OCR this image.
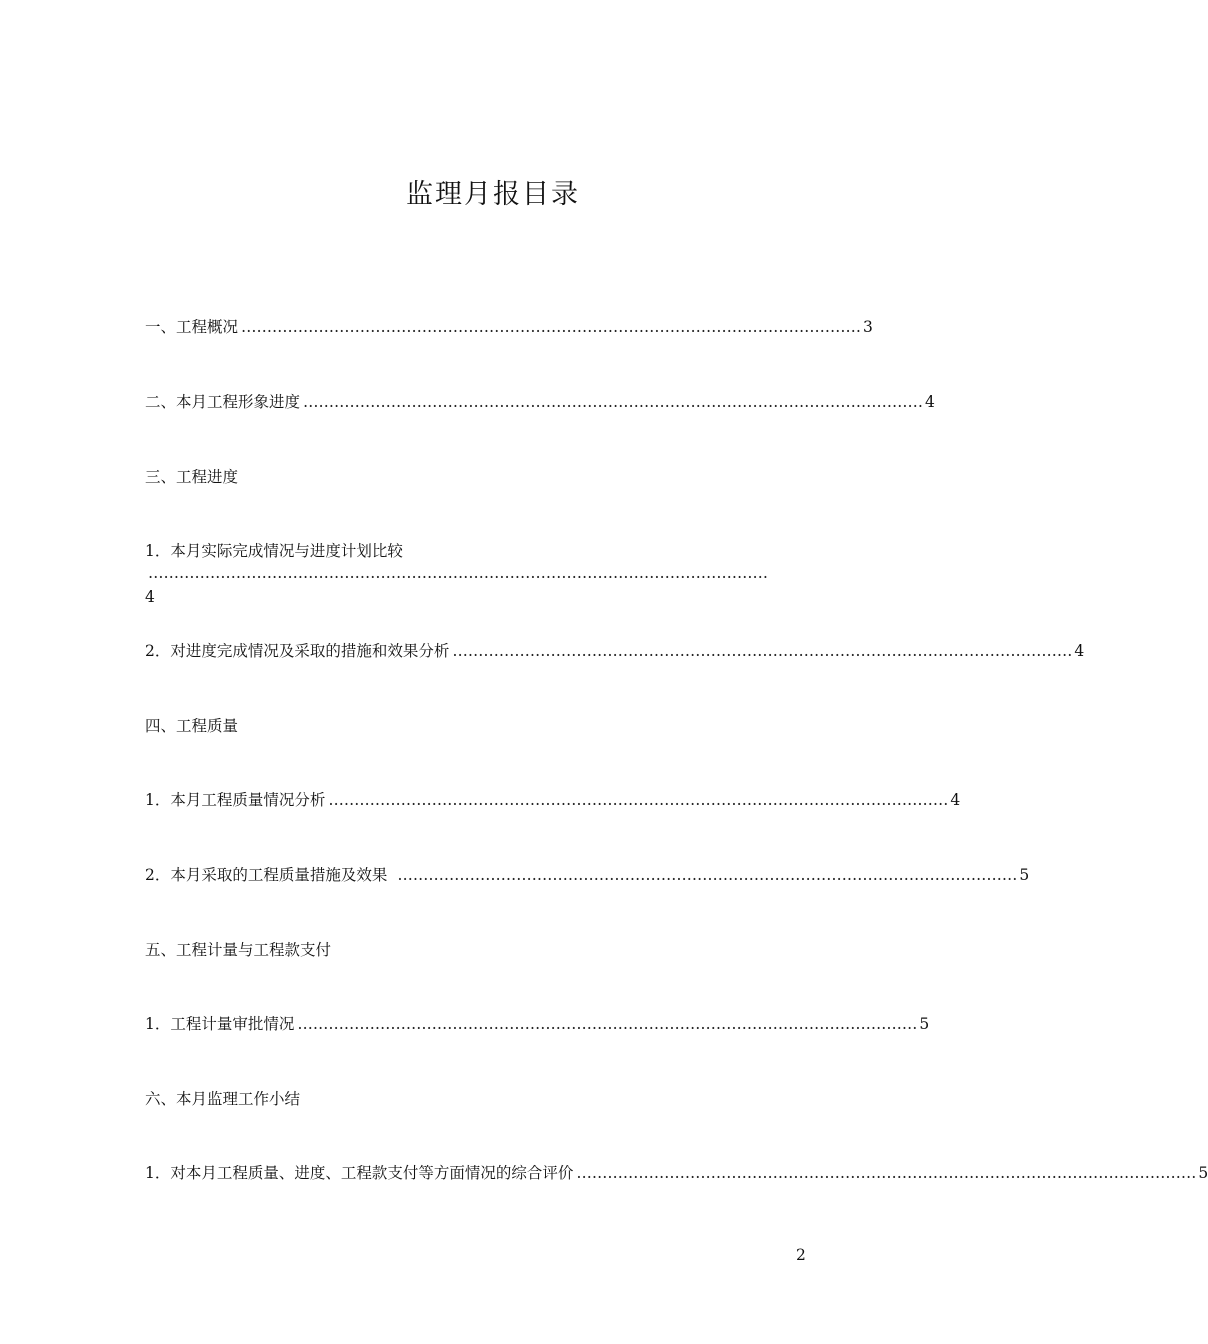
监理月报目录
一、工程概况 ………………………………………………………………………………………………………… 3
二、本月工程形象进度 ………………………………………………………………………………………………………… 4
三、工程进度
1．本月实际完成情况与进度计划比较
…………………………………………………………………………………………………………
4
2．对进度完成情况及采取的措施和效果分析 ………………………………………………………………………………………………………… 4
四、工程质量
1．本月工程质量情况分析 ………………………………………………………………………………………………………… 4
2．本月采取的工程质量措施及效果 ………………………………………………………………………………………………………… 5
五、工程计量与工程款支付
1．工程计量审批情况 ………………………………………………………………………………………………………… 5
六、本月监理工作小结
1．对本月工程质量、进度、工程款支付等方面情况的综合评价 ………………………………………………………………………………………………………… 5
2
